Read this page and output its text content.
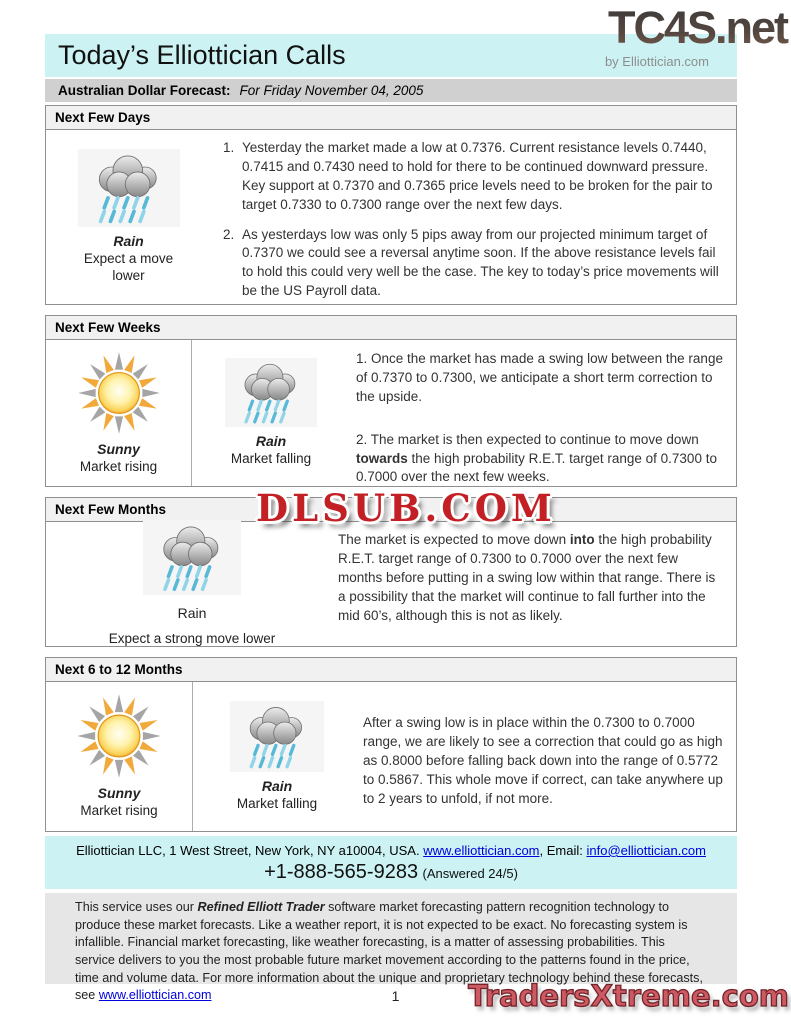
TC4S.net
by Elliottician.com
Today’s Elliottician Calls
Australian Dollar Forecast: For Friday November 04, 2005
Next Few Days
Rain
Expect a move lower
1. Yesterday the market made a low at 0.7376. Current resistance levels 0.7440, 0.7415 and 0.7430 need to hold for there to be continued downward pressure. Key support at 0.7370 and 0.7365 price levels need to be broken for the pair to target 0.7330 to 0.7300 range over the next few days.
2. As yesterdays low was only 5 pips away from our projected minimum target of 0.7370 we could see a reversal anytime soon. If the above resistance levels fail to hold this could very well be the case. The key to today’s price movements will be the US Payroll data.
Next Few Weeks
Sunny
Market rising
Rain
Market falling

1. Once the market has made a swing low between the range of 0.7370 to 0.7300, we anticipate a short term correction to the upside.

2. The market is then expected to continue to move down towards the high probability R.E.T. target range of 0.7300 to 0.7000 over the next few weeks.

Next Few Months
Rain
Expect a strong move lower

The market is expected to move down into the high probability R.E.T. target range of 0.7300 to 0.7000 over the next few months before putting in a swing low within that range. There is a possibility that the market will continue to fall further into the mid 60’s, although this is not as likely.

Next 6 to 12 Months
Sunny
Market rising
Rain
Market falling

After a swing low is in place within the 0.7300 to 0.7000 range, we are likely to see a correction that could go as high as 0.8000 before falling back down into the range of 0.5772 to 0.5867. This whole move if correct, can take anywhere up to 2 years to unfold, if not more.

Elliottician LLC, 1 West Street, New York, NY a10004, USA. www.elliottician.com, Email: info@elliottician.com
+1-888-565-9283 (Answered 24/5)
This service uses our Refined Elliott Trader software market forecasting pattern recognition technology to produce these market forecasts. Like a weather report, it is not expected to be exact. No forecasting system is infallible. Financial market forecasting, like weather forecasting, is a matter of assessing probabilities. This service delivers to you the most probable future market movement according to the patterns found in the price, time and volume data. For more information about the unique and proprietary technology behind these forecasts, see www.elliottician.com	1
DLSUB.COM
TradersXtreme.com
